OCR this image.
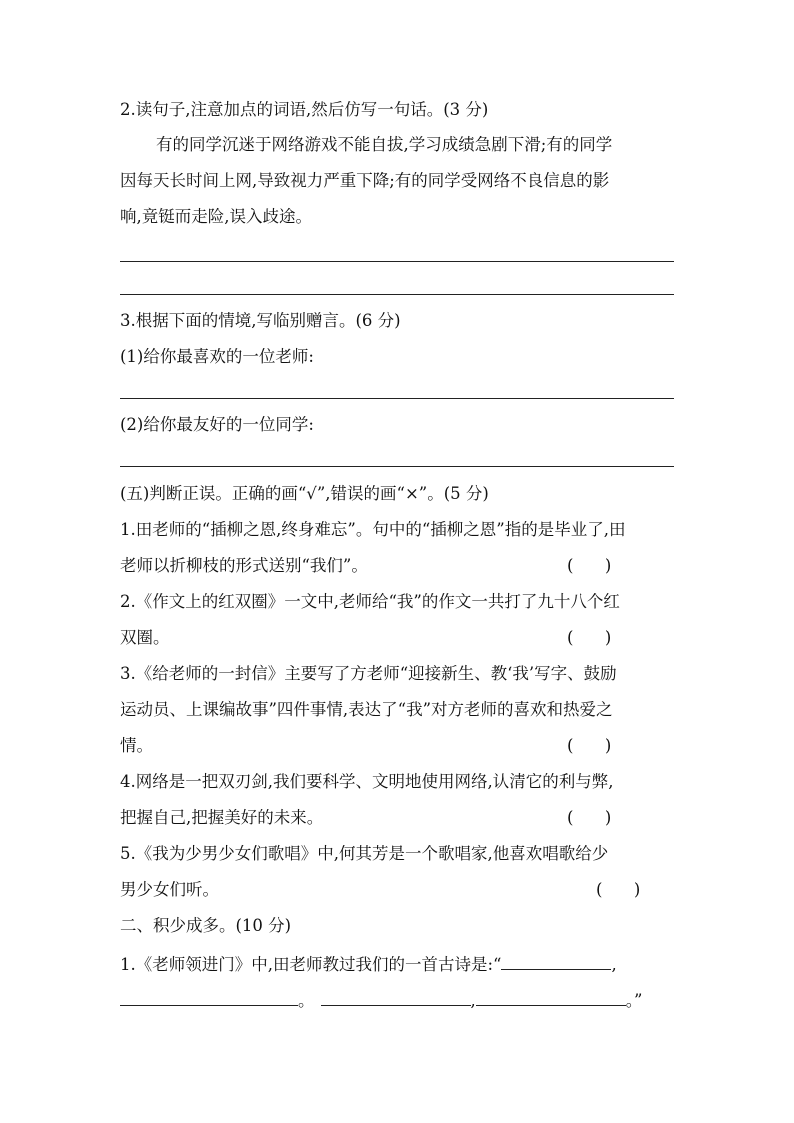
2.读句子,注意加点的词语,然后仿写一句话。(3 分)
有的同学沉迷于网络游戏不能自拔,学习成绩急剧下滑;有的同学
因每天长时间上网,导致视力严重下降;有的同学受网络不良信息的影
响,竟铤而走险,误入歧途。
3.根据下面的情境,写临别赠言。(6 分)
(1)给你最喜欢的一位老师:
(2)给你最友好的一位同学:
(五)判断正误。正确的画“√”,错误的画“×”。(5 分)
1.田老师的“插柳之恩,终身难忘”。句中的“插柳之恩”指的是毕业了,田
老师以折柳枝的形式送别“我们”。	(      )
2.《作文上的红双圈》一文中,老师给“我”的作文一共打了九十八个红
双圈。	(      )
3.《给老师的一封信》主要写了方老师“迎接新生、教‘我’写字、鼓励
运动员、上课编故事”四件事情,表达了“我”对方老师的喜欢和热爱之
情。	(      )
4.网络是一把双刃剑,我们要科学、文明地使用网络,认清它的利与弊,
把握自己,把握美好的未来。	(      )
5.《我为少男少女们歌唱》中,何其芳是一个歌唱家,他喜欢唱歌给少
男少女们听。	(      )
二、积少成多。(10 分)
1.《老师领进门》中,田老师教过我们的一首古诗是:“	,
。	,	。”
